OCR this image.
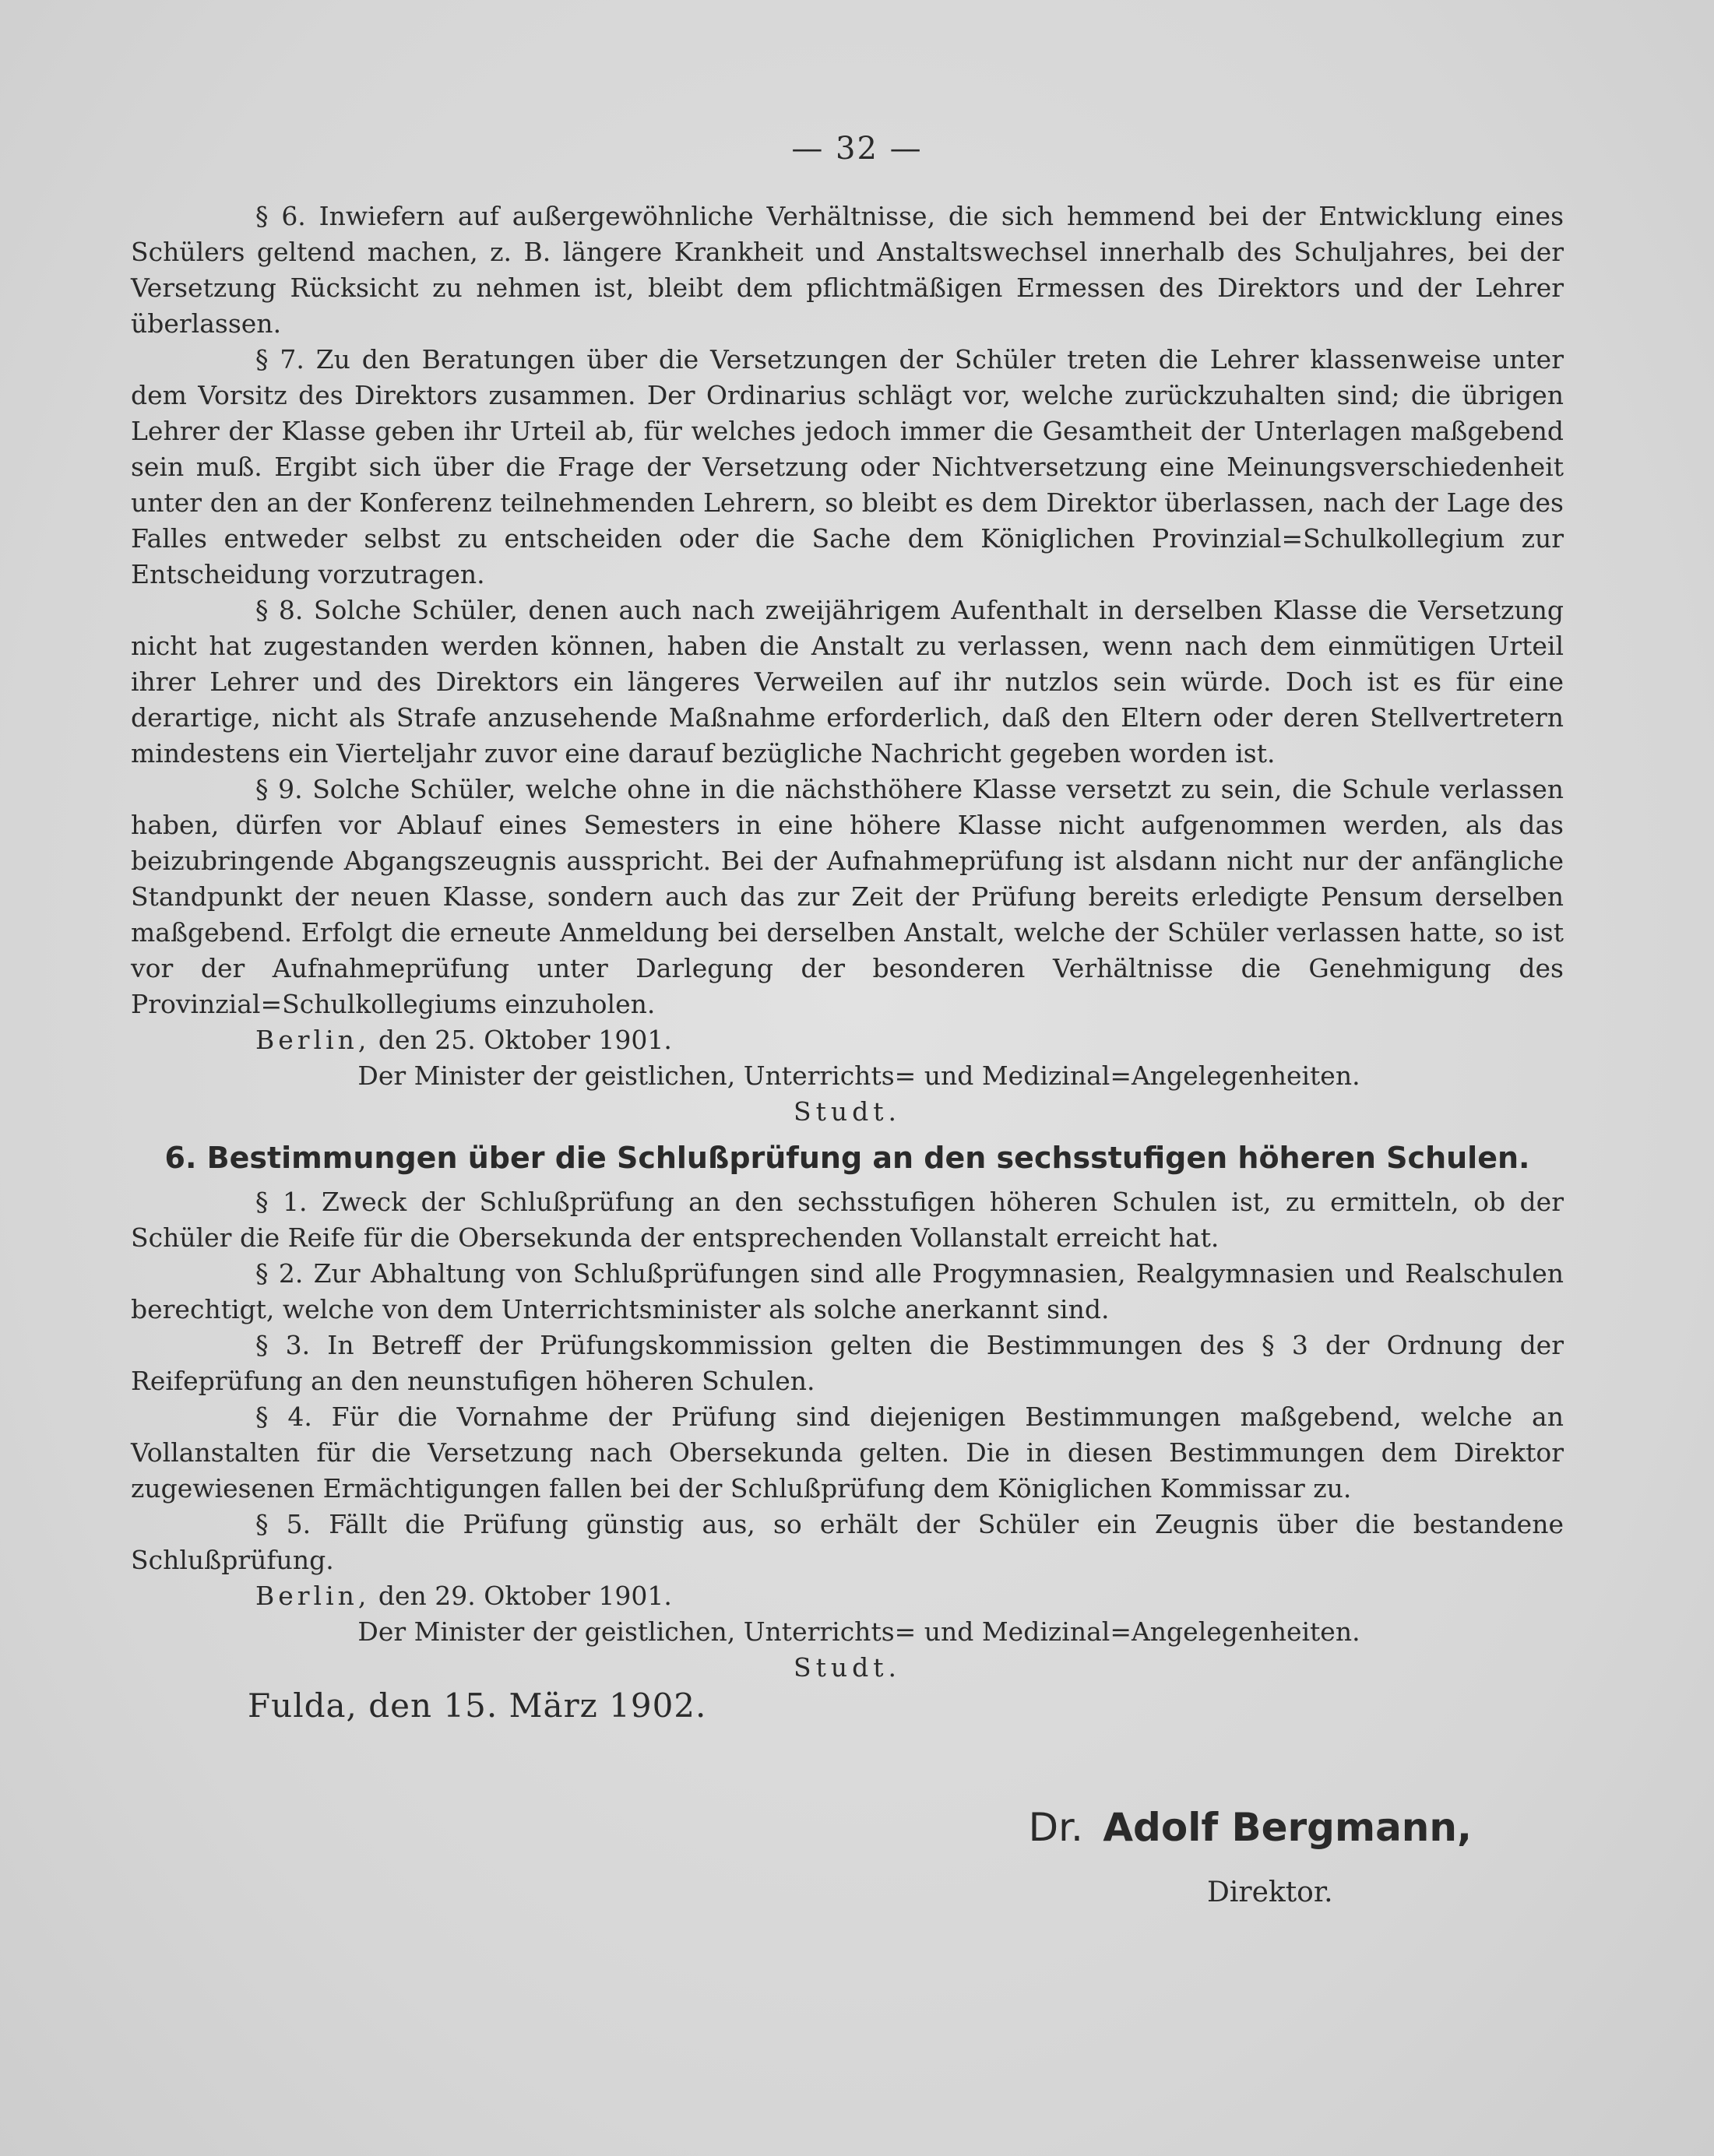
— 32 —

§ 6. Inwiefern auf außergewöhnliche Verhältnisse, die sich hemmend bei der Entwicklung eines Schülers geltend machen, z. B. längere Krankheit und Anstaltswechsel innerhalb des Schuljahres, bei der Versetzung Rücksicht zu nehmen ist, bleibt dem pflichtmäßigen Ermessen des Direktors und der Lehrer überlassen.

§ 7. Zu den Beratungen über die Versetzungen der Schüler treten die Lehrer klassenweise unter dem Vorsitz des Direktors zusammen. Der Ordinarius schlägt vor, welche zurückzuhalten sind; die übrigen Lehrer der Klasse geben ihr Urteil ab, für welches jedoch immer die Gesamtheit der Unterlagen maßgebend sein muß. Ergibt sich über die Frage der Versetzung oder Nichtversetzung eine Meinungsverschiedenheit unter den an der Konferenz teilnehmenden Lehrern, so bleibt es dem Direktor überlassen, nach der Lage des Falles entweder selbst zu entscheiden oder die Sache dem Königlichen Provinzial=Schulkollegium zur Entscheidung vorzutragen.

§ 8. Solche Schüler, denen auch nach zweijährigem Aufenthalt in derselben Klasse die Versetzung nicht hat zugestanden werden können, haben die Anstalt zu verlassen, wenn nach dem einmütigen Urteil ihrer Lehrer und des Direktors ein längeres Verweilen auf ihr nutzlos sein würde. Doch ist es für eine derartige, nicht als Strafe anzusehende Maßnahme erforderlich, daß den Eltern oder deren Stellvertretern mindestens ein Vierteljahr zuvor eine darauf bezügliche Nachricht gegeben worden ist.

§ 9. Solche Schüler, welche ohne in die nächsthöhere Klasse versetzt zu sein, die Schule verlassen haben, dürfen vor Ablauf eines Semesters in eine höhere Klasse nicht aufgenommen werden, als das beizubringende Abgangszeugnis ausspricht. Bei der Aufnahmeprüfung ist alsdann nicht nur der anfängliche Standpunkt der neuen Klasse, sondern auch das zur Zeit der Prüfung bereits erledigte Pensum derselben maßgebend. Erfolgt die erneute Anmeldung bei derselben Anstalt, welche der Schüler verlassen hatte, so ist vor der Aufnahmeprüfung unter Darlegung der besonderen Verhältnisse die Genehmigung des Provinzial=Schulkollegiums einzuholen.

Berlin, den 25. Oktober 1901.

Der Minister der geistlichen, Unterrichts= und Medizinal=Angelegenheiten.

Studt.

6. Bestimmungen über die Schlußprüfung an den sechsstufigen höheren Schulen.

§ 1. Zweck der Schlußprüfung an den sechsstufigen höheren Schulen ist, zu ermitteln, ob der Schüler die Reife für die Obersekunda der entsprechenden Vollanstalt erreicht hat.

§ 2. Zur Abhaltung von Schlußprüfungen sind alle Progymnasien, Realgymnasien und Realschulen berechtigt, welche von dem Unterrichtsminister als solche anerkannt sind.

§ 3. In Betreff der Prüfungskommission gelten die Bestimmungen des § 3 der Ordnung der Reifeprüfung an den neunstufigen höheren Schulen.

§ 4. Für die Vornahme der Prüfung sind diejenigen Bestimmungen maßgebend, welche an Vollanstalten für die Versetzung nach Obersekunda gelten. Die in diesen Bestimmungen dem Direktor zugewiesenen Ermächtigungen fallen bei der Schlußprüfung dem Königlichen Kommissar zu.

§ 5. Fällt die Prüfung günstig aus, so erhält der Schüler ein Zeugnis über die bestandene Schlußprüfung.

Berlin, den 29. Oktober 1901.

Der Minister der geistlichen, Unterrichts= und Medizinal=Angelegenheiten.

Studt.

Fulda, den 15. März 1902.
Dr. Adolf Bergmann,
Direktor.
